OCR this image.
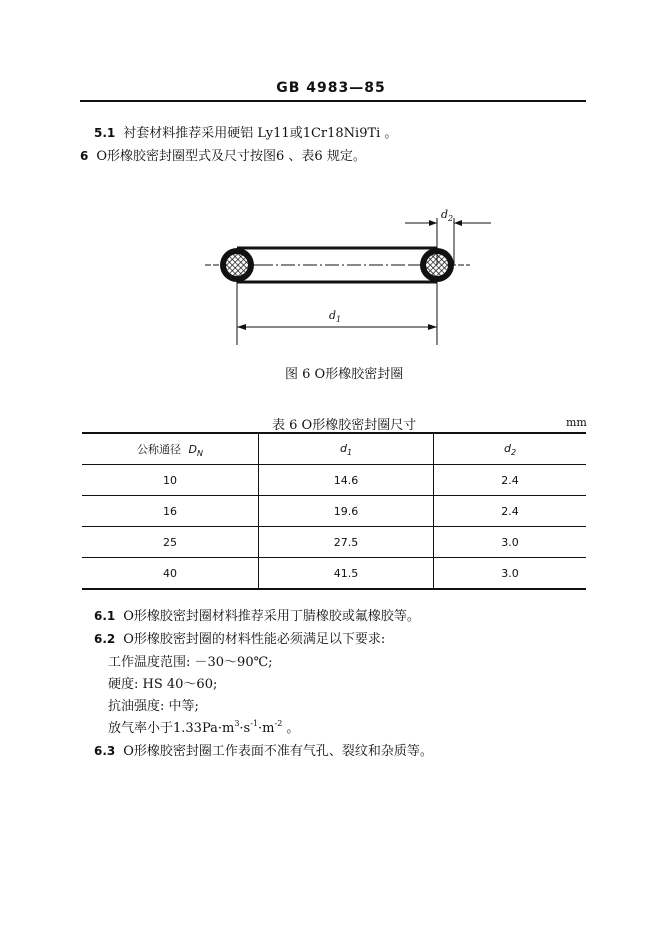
GB 4983—85
5.1 衬套材料推荐采用硬铝 Ly11或1Cr18Ni9Ti 。
6 O形橡胶密封圈型式及尺寸按图6 、表6 规定。
$d_2$
$d_1$
图 6 O形橡胶密封圈
表 6 O形橡胶密封圈尺寸	mm
公称通径 $D_N$	$d_1$	$d_2$
10	14.6	2.4
16	19.6	2.4
25	27.5	3.0
40	41.5	3.0
6.1 O形橡胶密封圈材料推荐采用丁腈橡胶或氟橡胶等。
6.2 O形橡胶密封圈的材料性能必须满足以下要求:
工作温度范围: －30～90℃;
硬度: HS 40～60;
抗油强度: 中等;
放气率小于$1.33Pa\cdot m^3\cdot s^{-1}\cdot m^{-2}$ 。
6.3 O形橡胶密封圈工作表面不准有气孔、裂纹和杂质等。
